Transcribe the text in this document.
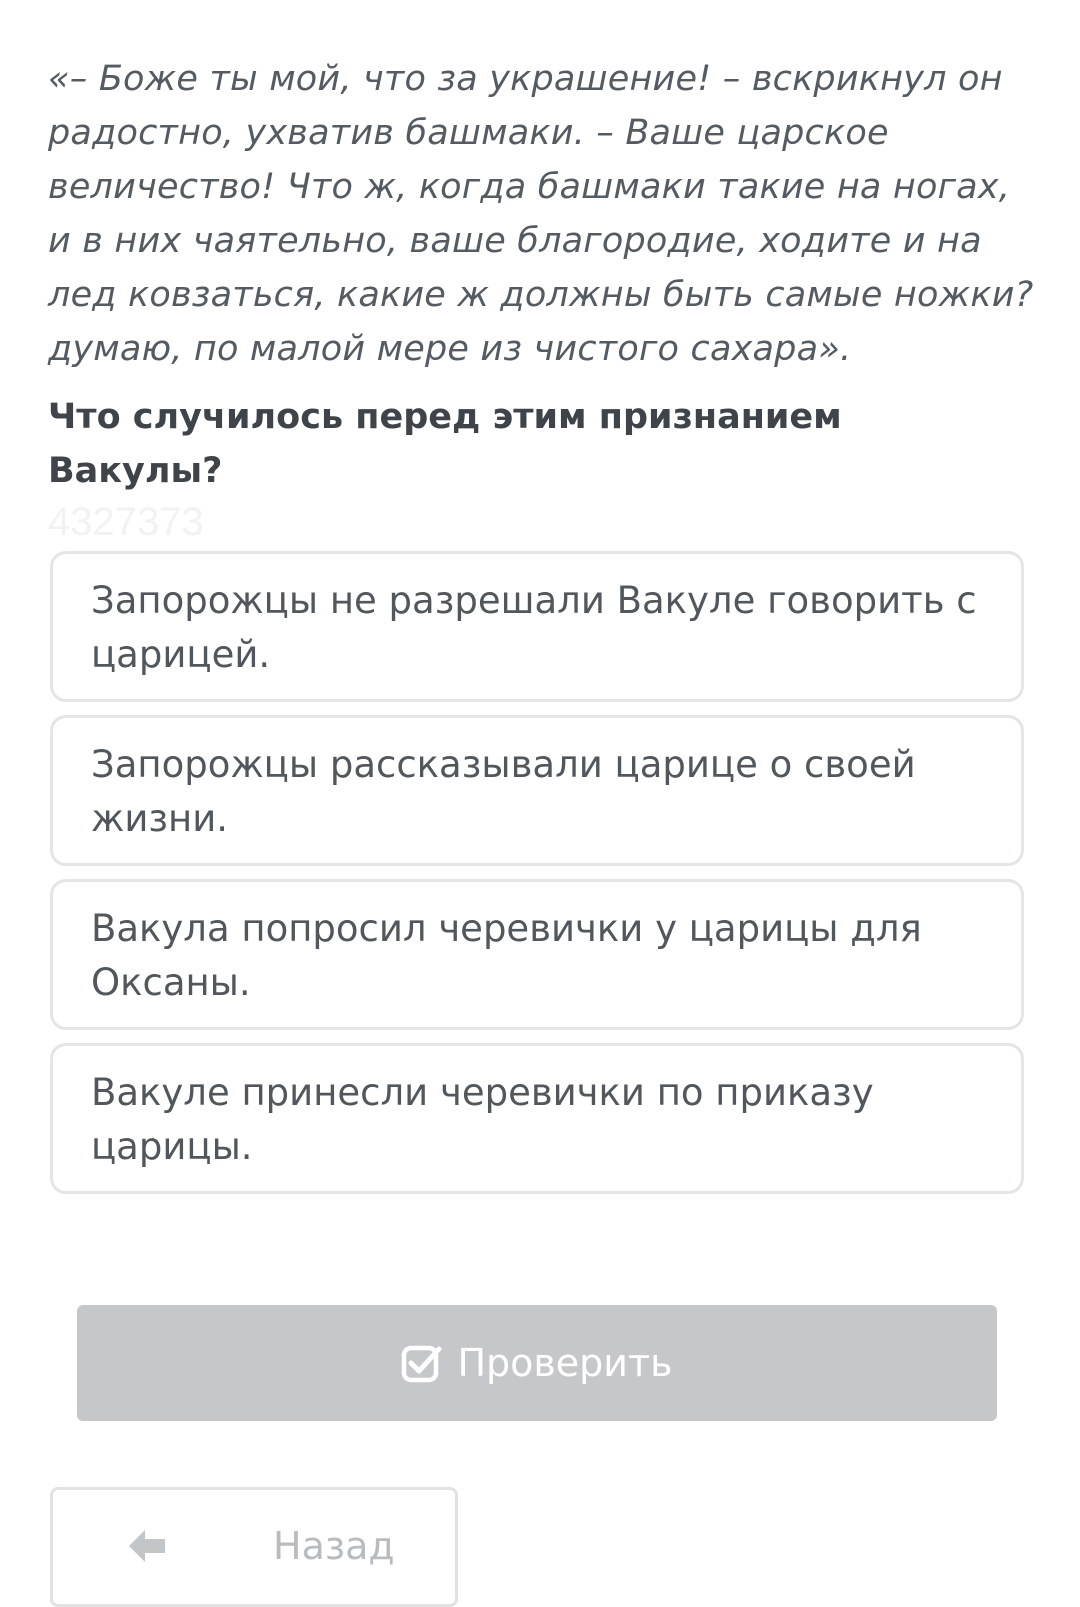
«– Боже ты мой, что за украшение! – вскрикнул он радостно, ухватив башмаки. – Ваше царское величество! Что ж, когда башмаки такие на ногах, и в них чаятельно, ваше благородие, ходите и на лед ковзаться, какие ж должны быть самые ножки? думаю, по малой мере из чистого сахара».

Что случилось перед этим признанием Вакулы?

4327373
Запорожцы не разрешали Вакуле говорить с царицей.
Запорожцы рассказывали царице о своей жизни.
Вакула попросил черевички у царицы для Оксаны.
Вакуле принесли черевички по приказу царицы.
Проверить
Назад
